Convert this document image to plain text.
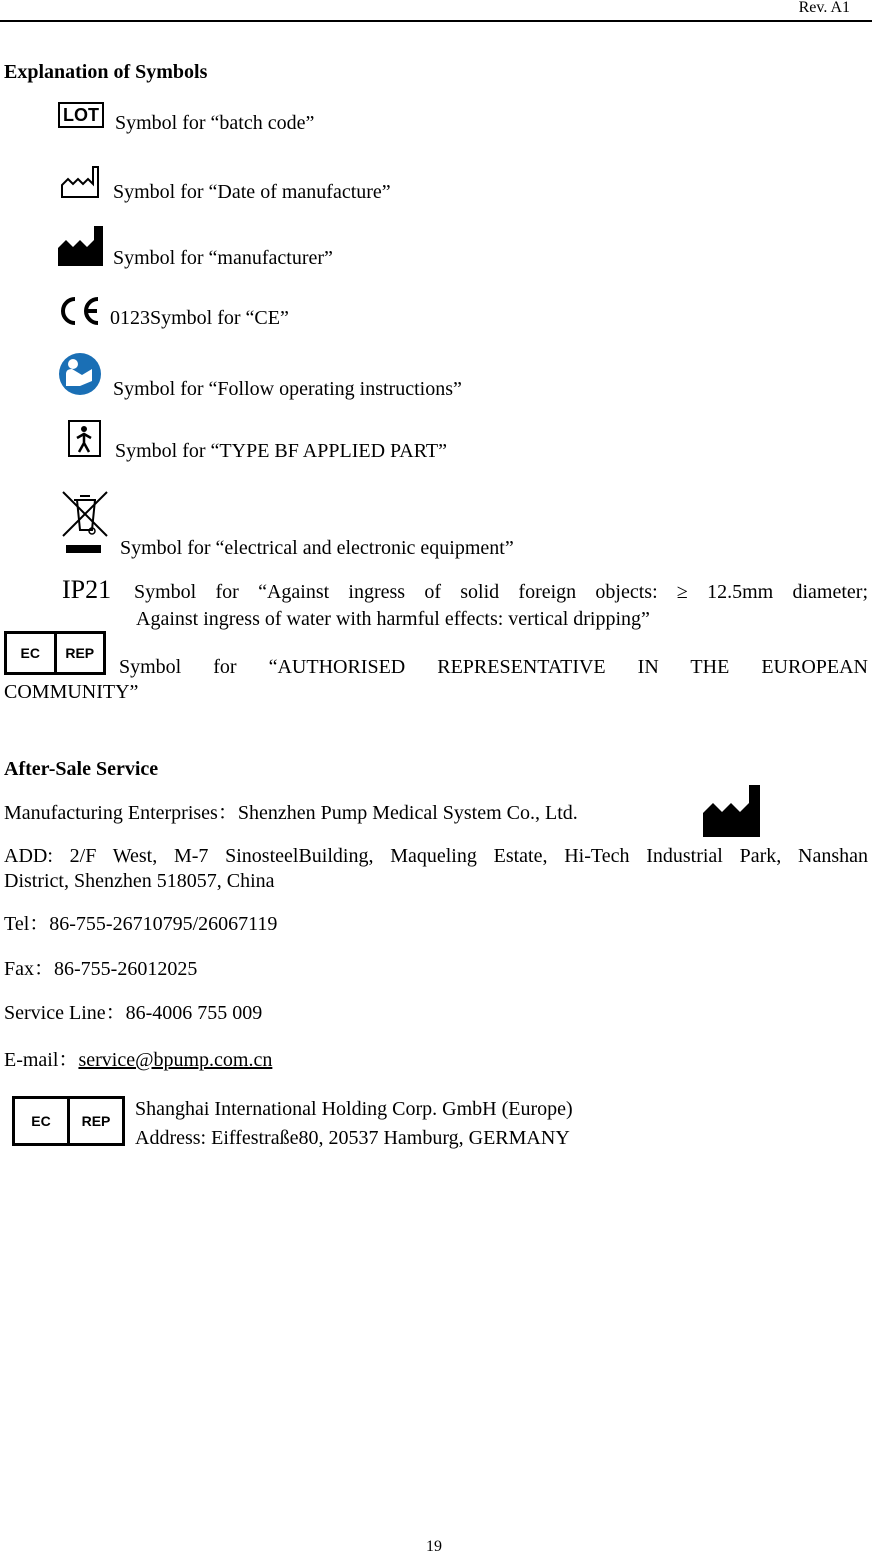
Rev. A1
Explanation of Symbols
LOT Symbol for “batch code”
Symbol for “Date of manufacture”
Symbol for “manufacturer”
0123Symbol for “CE”
Symbol for “Follow operating instructions”
Symbol for “TYPE BF APPLIED PART”
Symbol for “electrical and electronic equipment”
IP21 Symbol for “Against ingress of solid foreign objects: ≥ 12.5mm diameter;
Against ingress of water with harmful effects: vertical dripping”
EC	REP
Symbol for “AUTHORISED REPRESENTATIVE IN THE EUROPEAN
COMMUNITY”
After-Sale Service
Manufacturing Enterprises：Shenzhen Pump Medical System Co., Ltd.
ADD: 2/F West, M-7 SinosteelBuilding, Maqueling Estate, Hi-Tech Industrial Park, Nanshan
District, Shenzhen 518057, China
Tel：86-755-26710795/26067119
Fax：86-755-26012025
Service Line：86-4006 755 009
E-mail：service@bpump.com.cn
EC	REP
Shanghai International Holding Corp. GmbH (Europe)
Address: Eiffestraße80, 20537 Hamburg, GERMANY
19
